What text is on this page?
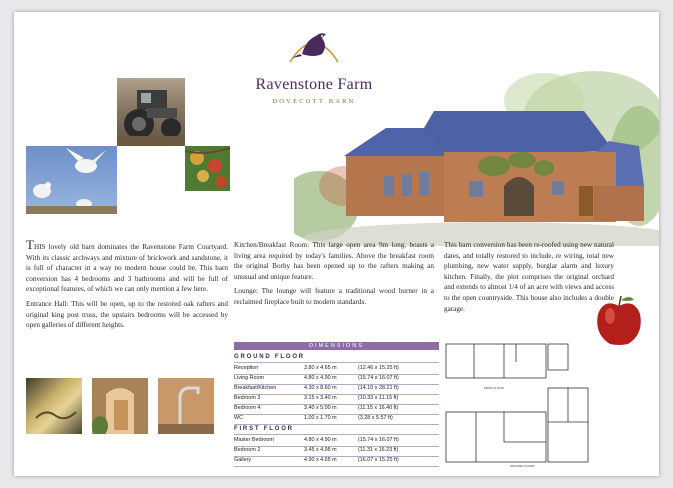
Ravenstone Farm
DOVECOTT BARN

THIS lovely old barn dominates the Ravenstone Farm Courtyard. With its classic archways and mixture of brickwork and sandstone, it is full of character in a way no modern house could be. This barn conversion has 4 bedrooms and 3 bathrooms and will be full of exceptional features, of which we can only mention a few here.

Entrance Hall: This will be open, up to the restored oak rafters and original king post truss, the upstairs bedrooms will be accessed by open galleries of different heights.

Kitchen/Breakfast Room: This large open area 9m long, boasts a living area required by today's families. Above the breakfast room the original Borhy has been opened up to the rafters making an unusual and unique feature.

Lounge: The lounge will feature a traditional wood burner in a reclaimed fireplace built to modern standards.

This barn conversion has been re-roofed using new natural dates, and totally restored to include, re wiring, total new plumbing, new water supply, burglar alarm and luxury kitchen. Finally, the plot comprises the original orchard and extends to almost 1/4 of an acre with views and access to the open countryside. This house also includes a double garage.

DIMENSIONS
GROUND FLOOR
Reception	3.80 x 4.65 m	(12.46 x 15.25 ft)
Living Room	4.80 x 4.90 m	(15.74 x 16.07 ft)
Breakfast/Kitchen	4.30 x 8.60 m	(14.10 x 28.21 ft)
Bedroom 3	3.15 x 3.40 m	(10.33 x 11.15 ft)
Bedroom 4	3.40 x 5.00 m	(11.15 x 16.40 ft)
WC	1.00 x 1.70 m	(3.28 x 5.57 ft)
FIRST FLOOR
Master Bedroom	4.80 x 4.90 m	(15.74 x 16.07 ft)
Bedroom 2	3.45 x 4.95 m	(11.31 x 16.23 ft)
Gallery	4.90 x 4.65 m	(16.07 x 15.25 ft)
FIRST FLOOR
GROUND FLOOR
